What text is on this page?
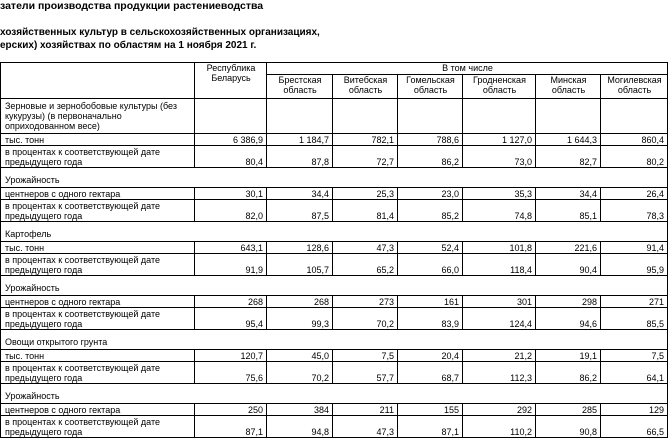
затели производства продукции растениеводства
хозяйственных культур в сельскохозяйственных организациях,
ерских) хозяйствах по областям на 1 ноября 2021 г.
	Республика Беларусь	В том числе					
		Брестская область	Витебская область	Гомельская область	Гродненская область	Минская область	Могилевская область
Зерновые и зернобобовые культуры (без кукурузы) (в первоначально оприходованном весе)							
тыс. тонн	6 386,9	1 184,7	782,1	788,6	1 127,0	1 644,3	860,4
в процентах к соответствующей дате предыдущего года	80,4	87,8	72,7	86,2	73,0	82,7	80,2
Урожайность							
центнеров с одного гектара	30,1	34,4	25,3	23,0	35,3	34,4	26,4
в процентах к соответствующей дате предыдущего года	82,0	87,5	81,4	85,2	74,8	85,1	78,3
Картофель							
тыс. тонн	643,1	128,6	47,3	52,4	101,8	221,6	91,4
в процентах к соответствующей дате предыдущего года	91,9	105,7	65,2	66,0	118,4	90,4	95,9
Урожайность							
центнеров с одного гектара	268	268	273	161	301	298	271
в процентах к соответствующей дате предыдущего года	95,4	99,3	70,2	83,9	124,4	94,6	85,5
Овощи открытого грунта							
тыс. тонн	120,7	45,0	7,5	20,4	21,2	19,1	7,5
в процентах к соответствующей дате предыдущего года	75,6	70,2	57,7	68,7	112,3	86,2	64,1
Урожайность							
центнеров с одного гектара	250	384	211	155	292	285	129
в процентах к соответствующей дате предыдущего года	87,1	94,8	47,3	87,1	110,2	90,8	66,5
